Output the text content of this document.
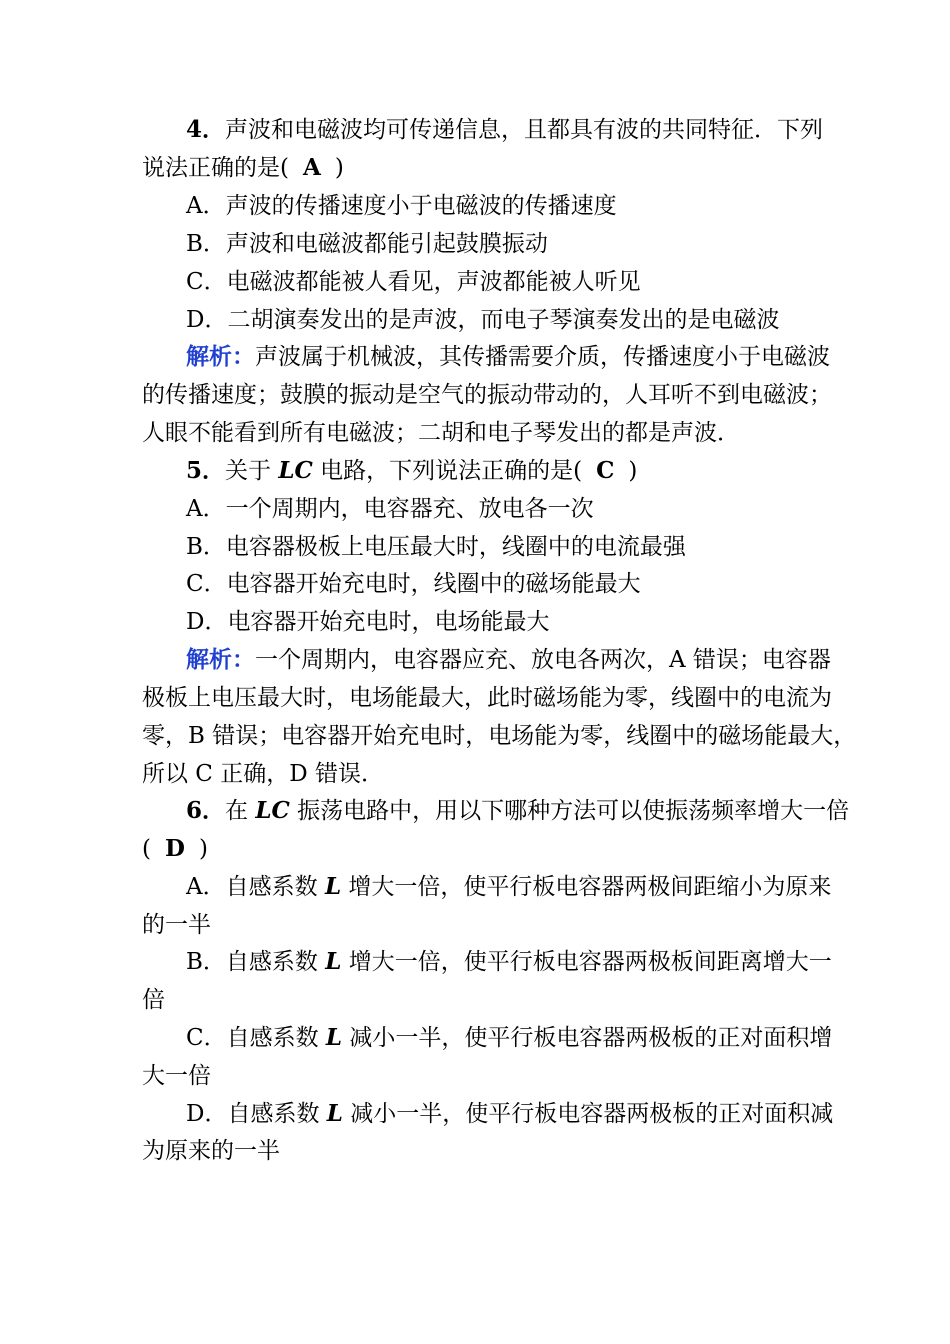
4．声波和电磁波均可传递信息，且都具有波的共同特征．下列
说法正确的是( A )
A．声波的传播速度小于电磁波的传播速度
B．声波和电磁波都能引起鼓膜振动
C．电磁波都能被人看见，声波都能被人听见
D．二胡演奏发出的是声波，而电子琴演奏发出的是电磁波
解析：声波属于机械波，其传播需要介质，传播速度小于电磁波
的传播速度；鼓膜的振动是空气的振动带动的，人耳听不到电磁波；
人眼不能看到所有电磁波；二胡和电子琴发出的都是声波．
5．关于 LC 电路，下列说法正确的是( C )
A．一个周期内，电容器充、放电各一次
B．电容器极板上电压最大时，线圈中的电流最强
C．电容器开始充电时，线圈中的磁场能最大
D．电容器开始充电时，电场能最大
解析：一个周期内，电容器应充、放电各两次，A 错误；电容器
极板上电压最大时，电场能最大，此时磁场能为零，线圈中的电流为
零，B 错误；电容器开始充电时，电场能为零，线圈中的磁场能最大，
所以 C 正确，D 错误．
6．在 LC 振荡电路中，用以下哪种方法可以使振荡频率增大一倍
( D )
A．自感系数 L 增大一倍，使平行板电容器两极间距缩小为原来
的一半
B．自感系数 L 增大一倍，使平行板电容器两极板间距离增大一
倍
C．自感系数 L 减小一半，使平行板电容器两极板的正对面积增
大一倍
D．自感系数 L 减小一半，使平行板电容器两极板的正对面积减
为原来的一半
